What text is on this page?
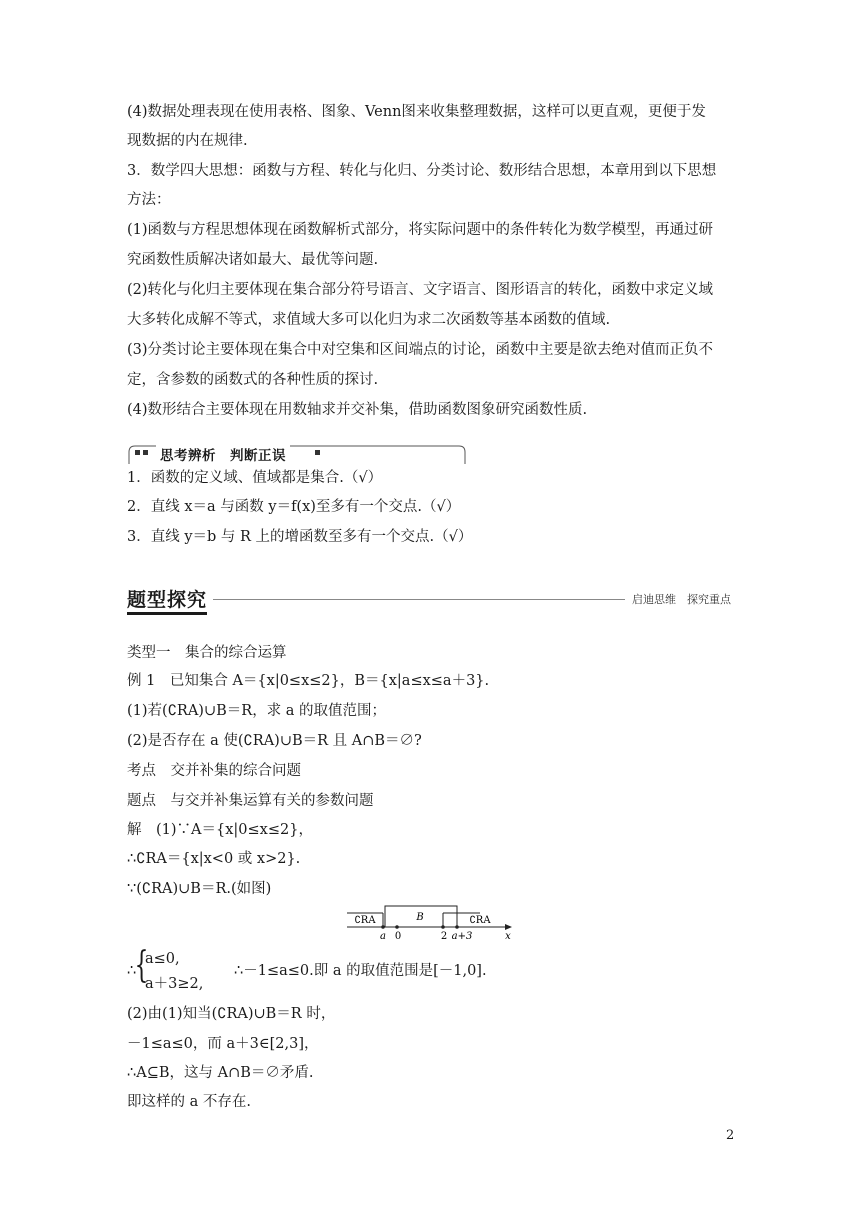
(4)数据处理表现在使用表格、图象、Venn图来收集整理数据，这样可以更直观，更便于发
现数据的内在规律.
3．数学四大思想：函数与方程、转化与化归、分类讨论、数形结合思想，本章用到以下思想
方法：
(1)函数与方程思想体现在函数解析式部分，将实际问题中的条件转化为数学模型，再通过研
究函数性质解决诸如最大、最优等问题.
(2)转化与化归主要体现在集合部分符号语言、文字语言、图形语言的转化，函数中求定义域
大多转化成解不等式，求值域大多可以化归为求二次函数等基本函数的值域.
(3)分类讨论主要体现在集合中对空集和区间端点的讨论，函数中主要是欲去绝对值而正负不
定，含参数的函数式的各种性质的探讨.
(4)数形结合主要体现在用数轴求并交补集，借助函数图象研究函数性质.
思考辨析　判断正误
1．函数的定义域、值域都是集合.（√）
2．直线 x＝a 与函数 y＝f(x)至多有一个交点.（√）
3．直线 y＝b 与 R 上的增函数至多有一个交点.（√）
题型探究	启迪思维　探究重点
类型一　集合的综合运算
例 1　已知集合 A＝{x|0≤x≤2}，B＝{x|a≤x≤a＋3}.
(1)若(∁RA)∪B＝R，求 a 的取值范围；
(2)是否存在 a 使(∁RA)∪B＝R 且 A∩B＝∅?
考点　交并补集的综合问题
题点　与交并补集运算有关的参数问题
解　(1)∵A＝{x|0≤x≤2}，
∴∁RA＝{x|x<0 或 x>2}.
∵(∁RA)∪B＝R.(如图)
∁RA	B	∁RA
a 0	2 a+3	x
∴
{
a≤0,
a＋3≥2,
∴－1≤a≤0.即 a 的取值范围是[－1,0].
(2)由(1)知当(∁RA)∪B＝R 时，
－1≤a≤0，而 a＋3∈[2,3]，
∴A⊆B，这与 A∩B＝∅矛盾.
即这样的 a 不存在.
2
